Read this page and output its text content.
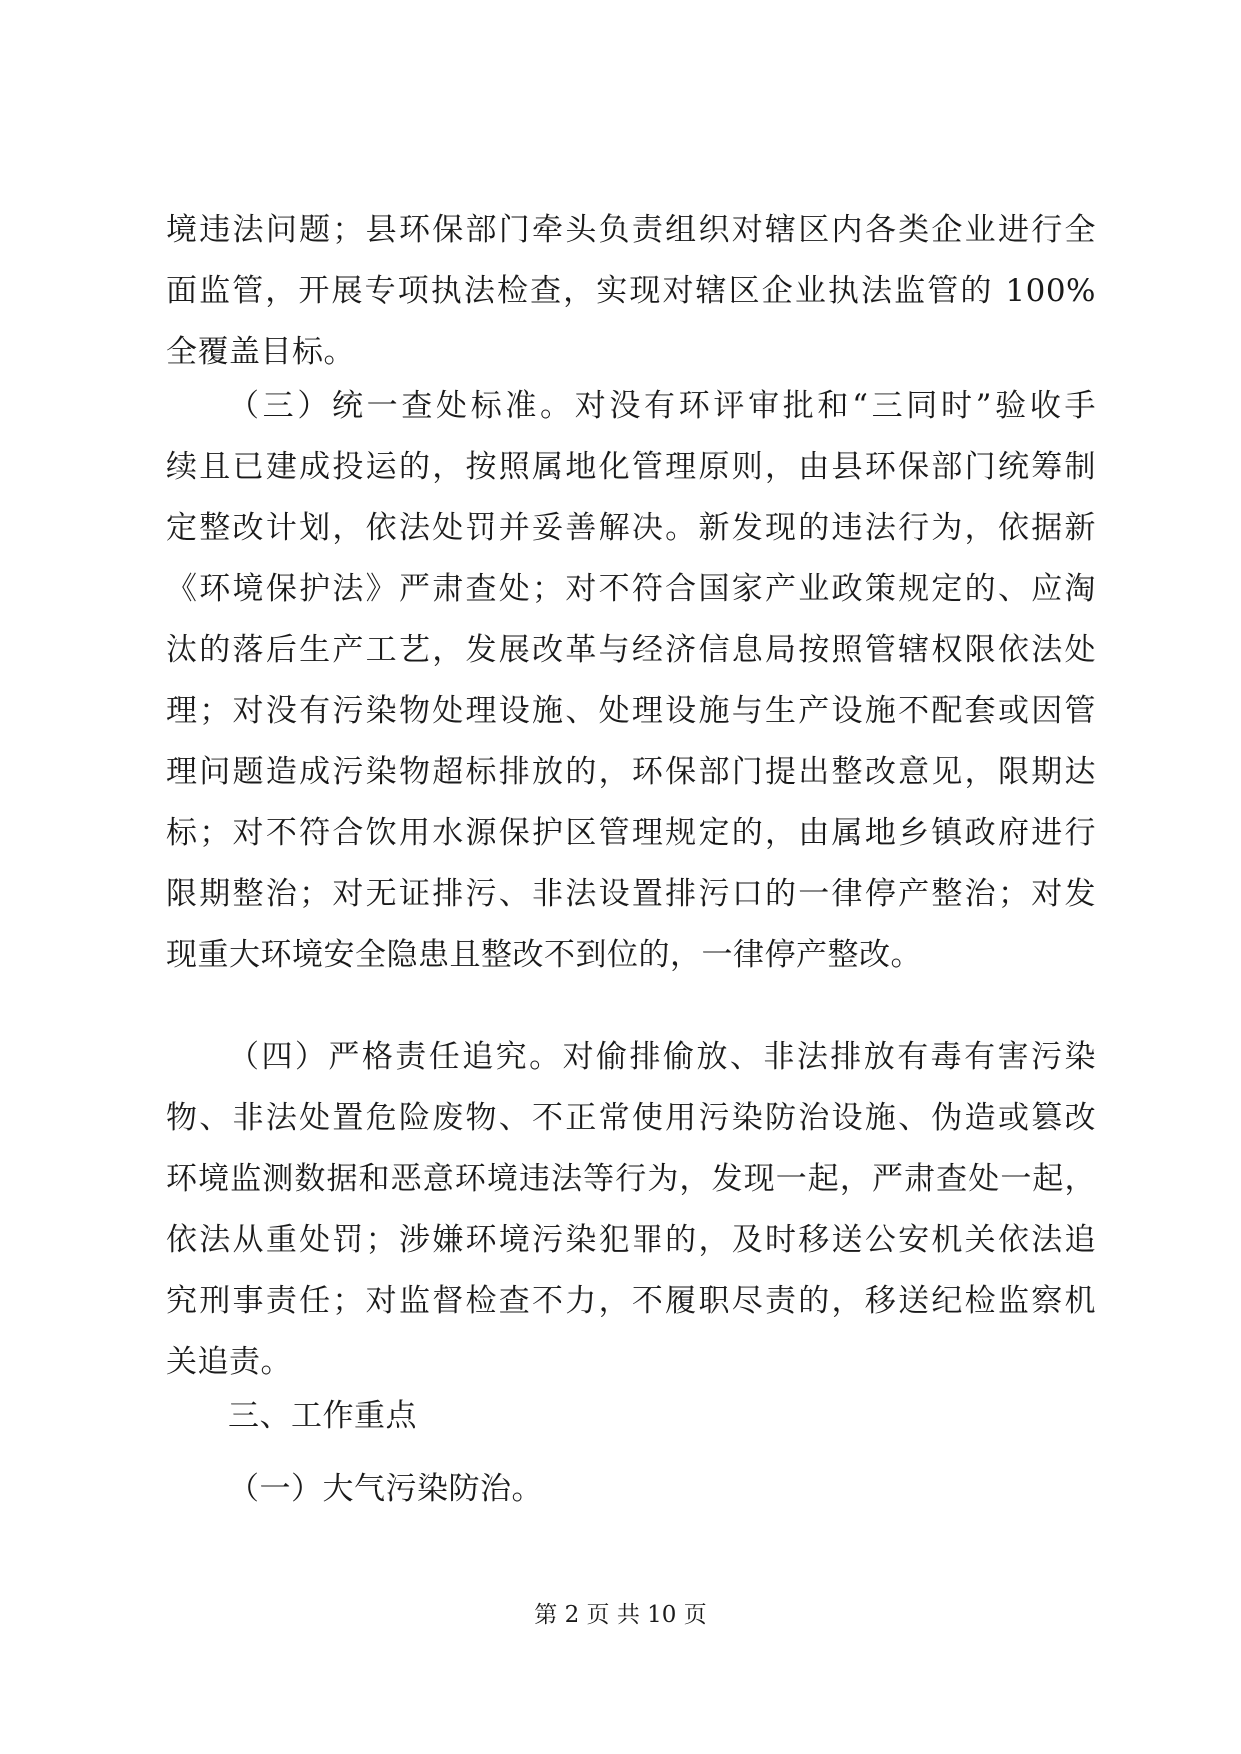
境违法问题；县环保部门牵头负责组织对辖区内各类企业进行全
面监管，开展专项执法检查，实现对辖区企业执法监管的 100%
全覆盖目标。
（三）统一查处标准。对没有环评审批和“三同时”验收手
续且已建成投运的，按照属地化管理原则，由县环保部门统筹制
定整改计划，依法处罚并妥善解决。新发现的违法行为，依据新
《环境保护法》严肃查处；对不符合国家产业政策规定的、应淘
汰的落后生产工艺，发展改革与经济信息局按照管辖权限依法处
理；对没有污染物处理设施、处理设施与生产设施不配套或因管
理问题造成污染物超标排放的，环保部门提出整改意见，限期达
标；对不符合饮用水源保护区管理规定的，由属地乡镇政府进行
限期整治；对无证排污、非法设置排污口的一律停产整治；对发
现重大环境安全隐患且整改不到位的，一律停产整改。
（四）严格责任追究。对偷排偷放、非法排放有毒有害污染
物、非法处置危险废物、不正常使用污染防治设施、伪造或篡改
环境监测数据和恶意环境违法等行为，发现一起，严肃查处一起，
依法从重处罚；涉嫌环境污染犯罪的，及时移送公安机关依法追
究刑事责任；对监督检查不力，不履职尽责的，移送纪检监察机
关追责。
三、工作重点
（一）大气污染防治。
第 2 页 共 10 页
